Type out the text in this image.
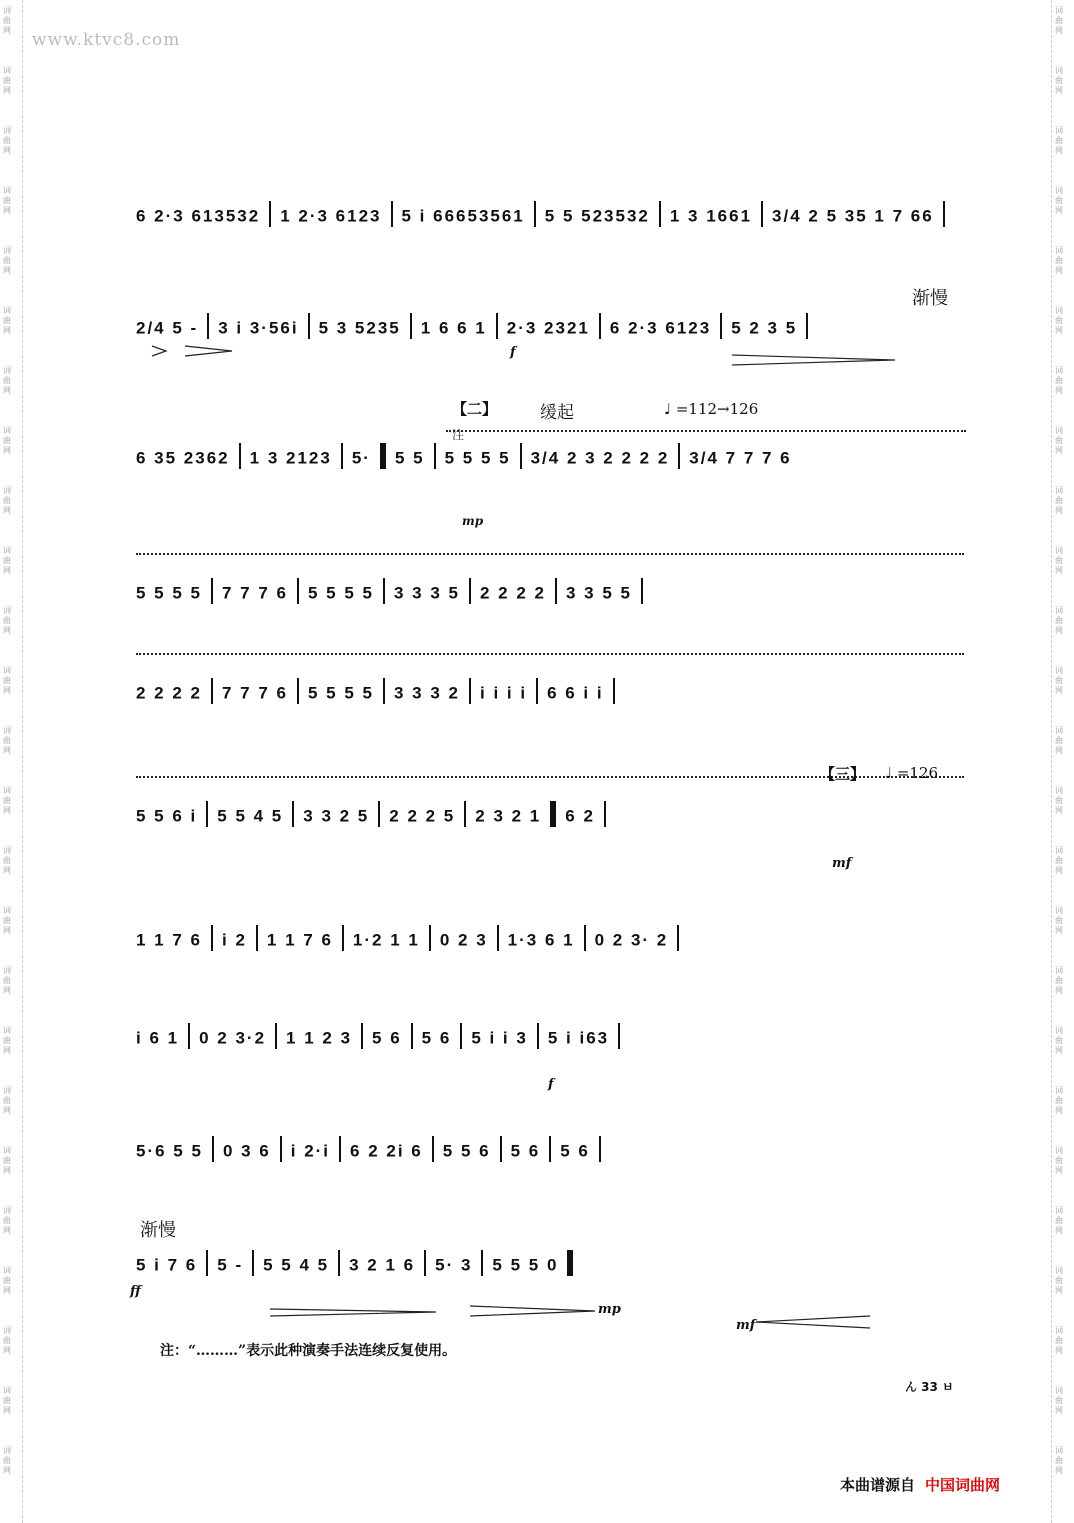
词曲网
词曲网
词曲网
词曲网
词曲网
词曲网
词曲网
词曲网
词曲网
词曲网
词曲网
词曲网
词曲网
词曲网
词曲网
词曲网
词曲网
词曲网
词曲网
词曲网
词曲网
词曲网
词曲网
词曲网
词曲网
词曲网
词曲网
词曲网
词曲网
词曲网
词曲网
词曲网
词曲网
词曲网
词曲网
词曲网
词曲网
词曲网
词曲网
词曲网
词曲网
词曲网
词曲网
词曲网
词曲网
词曲网
词曲网
词曲网
词曲网
词曲网
www.ktvc8.com
6 2·3 613532 1 2·3 6123 5 i 66653561 5 5 523532 1 3 1661 3/4 2 5 35 1 7 66
2/4 5 - 3 i 3·56i 5 3 5235 1 6 6 1 2·3 2321 6 2·3 6123 5 2 3 5
6 35 2362 1 3 2123 5· 5 5 5 5 5 5 3/4 2 3 2 2 2 2 3/4 7 7 7 6
5 5 5 5 7 7 7 6 5 5 5 5 3 3 3 5 2 2 2 2 3 3 5 5
2 2 2 2 7 7 7 6 5 5 5 5 3 3 3 2 i i i i 6 6 i i
5 5 6 i 5 5 4 5 3 3 2 5 2 2 2 5 2 3 2 1 6 2
1 1 7 6 i 2 1 1 7 6 1·2 1 1 0 2 3 1·3 6 1 0 2 3· 2
i 6 1 0 2 3·2 1 1 2 3 5 6 5 6 5 i i 3 5 i i63
5·6 5 5 0 3 6 i 2·i 6 2 2i 6 5 5 6 5 6 5 6
5 i 7 6 5 - 5 5 4 5 3 2 1 6 5· 3 5 5 5 0
渐慢
【二】	缓起	♩ =112→126
注
【三】 ♩ =126
渐慢
f
mp
mf
f
ff
mp
mf
注：“………”表示此种演奏手法连续反复使用。
ん 33 ㅂ
本曲谱源自 中国词曲网
